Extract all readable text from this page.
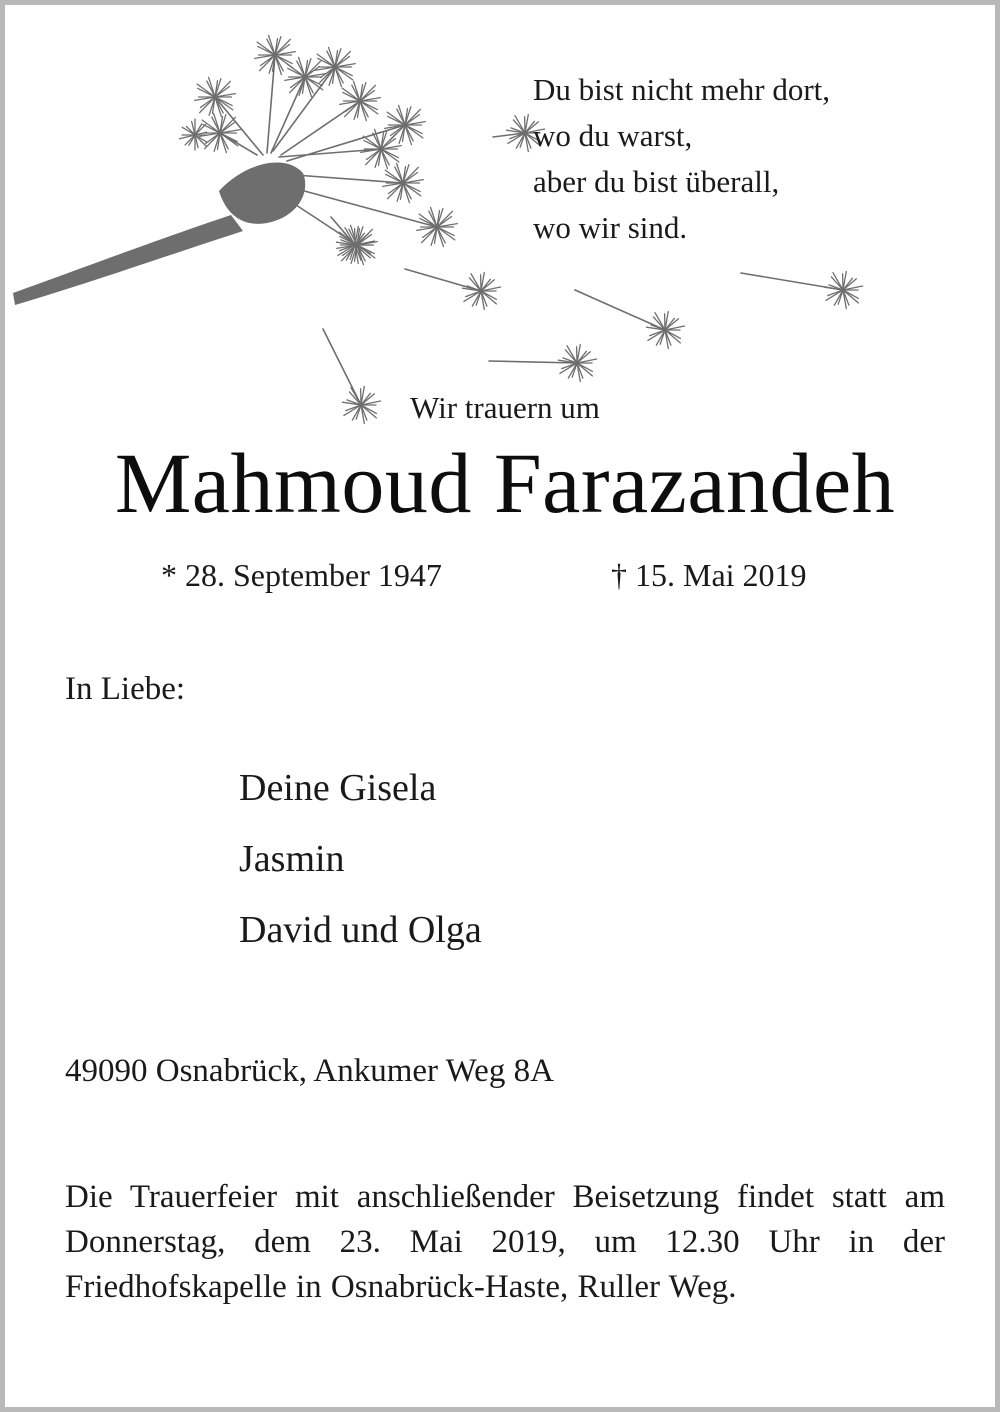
Du bist nicht mehr dort,
wo du warst,
aber du bist überall,
wo wir sind.
Wir trauern um
Mahmoud Farazandeh
* 28. September 1947	† 15. Mai 2019
In Liebe:
Deine Gisela
Jasmin
David und Olga
49090 Osnabrück, Ankumer Weg 8A
Die Trauerfeier mit anschließender Beisetzung findet statt am Donnerstag, dem 23. Mai 2019, um 12.30 Uhr in der Friedhofskapelle in Osnabrück-Haste, Ruller Weg.
